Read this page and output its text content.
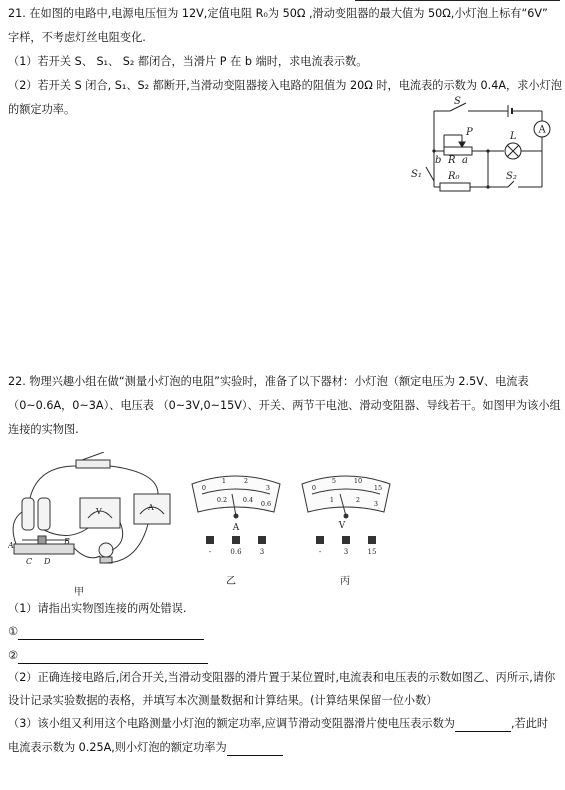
21. 在如图的电路中,电源电压恒为 12V,定值电阻 R₀为 50Ω ,滑动变阻器的最大值为 50Ω,小灯泡上标有“6V”
字样，不考虑灯丝电阻变化.
（1）若开关 S、 S₁、 S₂ 都闭合，当滑片 P 在 b 端时，求电流表示数。
（2）若开关 S 闭合, S₁、S₂ 都断开,当滑动变阻器接入电路的阻值为 20Ω 时，电流表的示数为 0.4A，求小灯泡
的额定功率。
S
P	L
A
b R a
S₁	R₀	S₂
22. 物理兴趣小组在做“测量小灯泡的电阻”实验时，准备了以下器材：小灯泡（额定电压为 2.5V、电流表
（0~0.6A，0~3A）、电压表 （0~3V,0~15V）、开关、两节干电池、滑动变阻器、导线若干。如图甲为该小组
连接的实物图.
A	B
C D
V	A
甲
0
1	2
3
0.2 0.4 0.6
A
-	0.6	3
乙
0
5	10
15
1	2 3
V
-	3	15
丙
（1）请指出实物图连接的两处错误.
①
②
（2）正确连接电路后,闭合开关,当滑动变阻器的滑片置于某位置时,电流表和电压表的示数如图乙、丙所示,请你
设计记录实验数据的表格，并填写本次测量数据和计算结果。(计算结果保留一位小数）
（3）该小组又利用这个电路测量小灯泡的额定功率,应调节滑动变阻器滑片使电压表示数为	,若此时
电流表示数为 0.25A,则小灯泡的额定功率为
